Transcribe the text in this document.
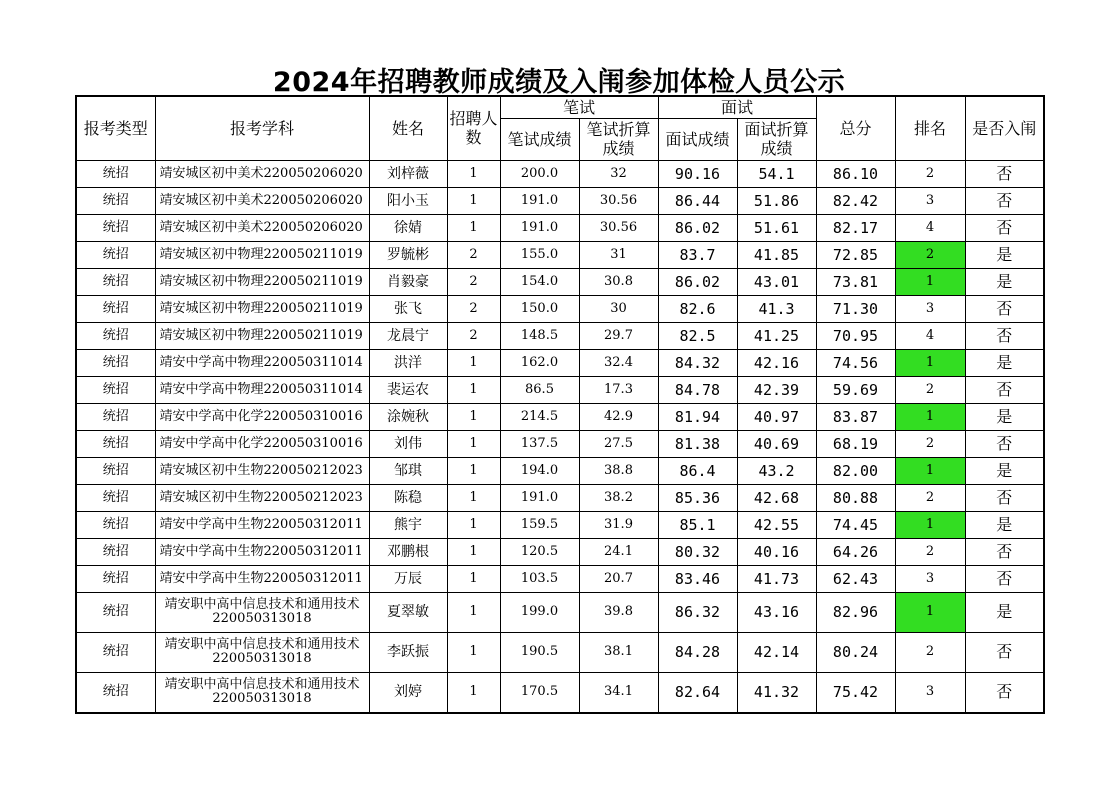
2024年招聘教师成绩及入闱参加体检人员公示
报考类型	报考学科	姓名	招聘人数	笔试		面试		总分	排名	是否入闱
				笔试成绩	笔试折算成绩	面试成绩	面试折算成绩			
统招	靖安城区初中美术220050206020	刘梓薇	1	200.0	32	90.16	54.1	86.10	2	否
统招	靖安城区初中美术220050206020	阳小玉	1	191.0	30.56	86.44	51.86	82.42	3	否
统招	靖安城区初中美术220050206020	徐婧	1	191.0	30.56	86.02	51.61	82.17	4	否
统招	靖安城区初中物理220050211019	罗毓彬	2	155.0	31	83.7	41.85	72.85	2	是
统招	靖安城区初中物理220050211019	肖毅豪	2	154.0	30.8	86.02	43.01	73.81	1	是
统招	靖安城区初中物理220050211019	张飞	2	150.0	30	82.6	41.3	71.30	3	否
统招	靖安城区初中物理220050211019	龙晨宁	2	148.5	29.7	82.5	41.25	70.95	4	否
统招	靖安中学高中物理220050311014	洪洋	1	162.0	32.4	84.32	42.16	74.56	1	是
统招	靖安中学高中物理220050311014	裴运农	1	86.5	17.3	84.78	42.39	59.69	2	否
统招	靖安中学高中化学220050310016	涂婉秋	1	214.5	42.9	81.94	40.97	83.87	1	是
统招	靖安中学高中化学220050310016	刘伟	1	137.5	27.5	81.38	40.69	68.19	2	否
统招	靖安城区初中生物220050212023	邹琪	1	194.0	38.8	86.4	43.2	82.00	1	是
统招	靖安城区初中生物220050212023	陈稳	1	191.0	38.2	85.36	42.68	80.88	2	否
统招	靖安中学高中生物220050312011	熊宇	1	159.5	31.9	85.1	42.55	74.45	1	是
统招	靖安中学高中生物220050312011	邓鹏根	1	120.5	24.1	80.32	40.16	64.26	2	否
统招	靖安中学高中生物220050312011	万辰	1	103.5	20.7	83.46	41.73	62.43	3	否
统招	靖安职中高中信息技术和通用技术220050313018	夏翠敏	1	199.0	39.8	86.32	43.16	82.96	1	是
统招	靖安职中高中信息技术和通用技术220050313018	李跃振	1	190.5	38.1	84.28	42.14	80.24	2	否
统招	靖安职中高中信息技术和通用技术220050313018	刘婷	1	170.5	34.1	82.64	41.32	75.42	3	否
